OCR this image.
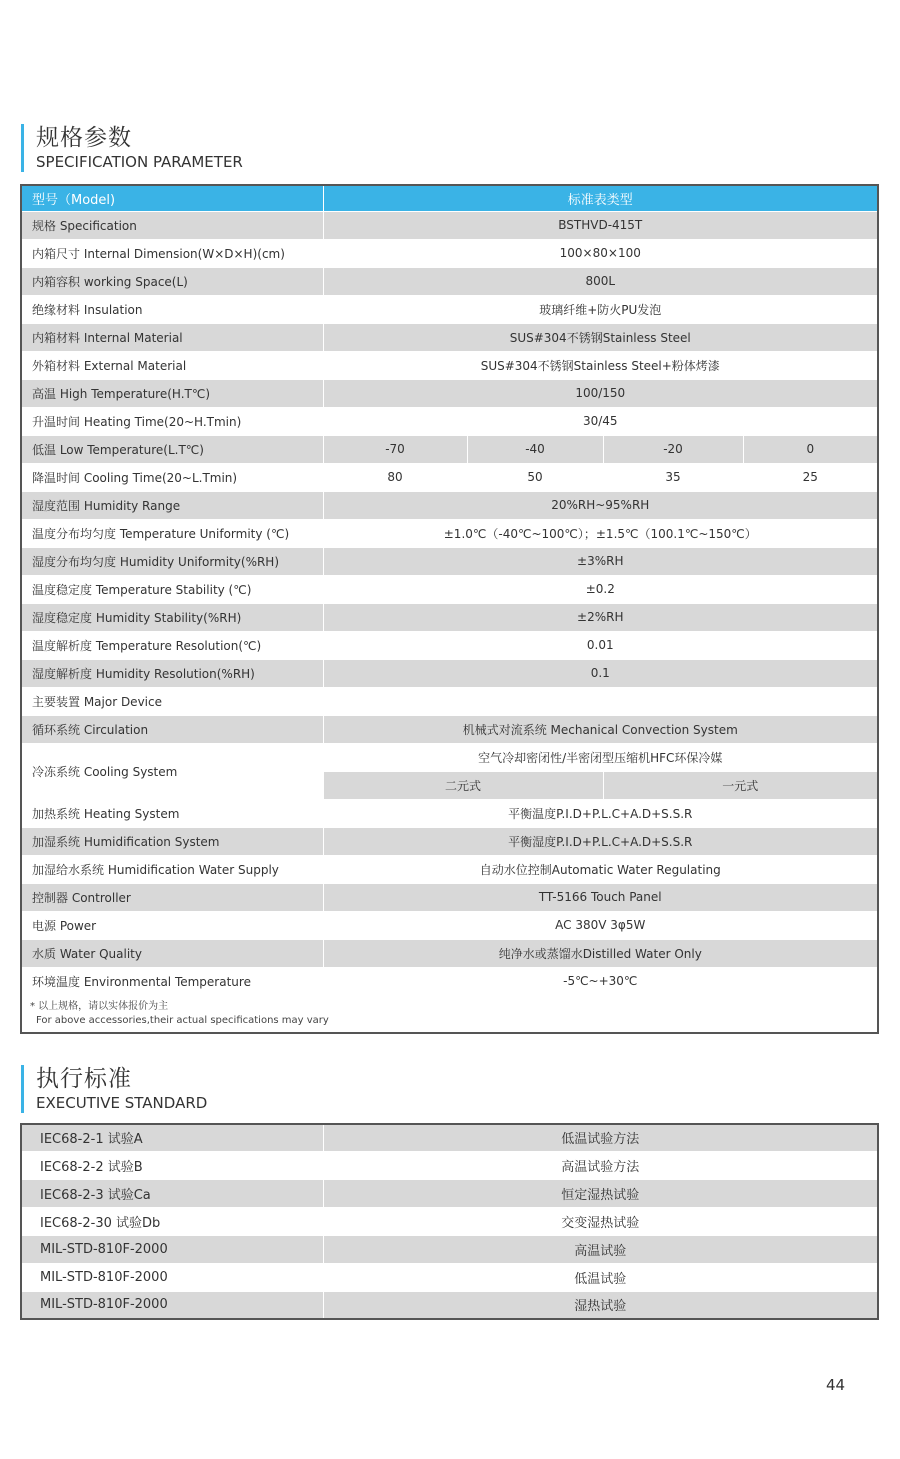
规格参数
SPECIFICATION PARAMETER
型号（Model)	标准表类型			
规格 Specification	BSTHVD-415T			
内箱尺寸 Internal Dimension(W×D×H)(cm)	100×80×100			
内箱容积 working Space(L)	800L			
绝缘材料 Insulation	玻璃纤维+防火PU发泡			
内箱材料 Internal Material	SUS#304不锈钢Stainless Steel			
外箱材料 External Material	SUS#304不锈钢Stainless Steel+粉体烤漆			
高温 High Temperature(H.T℃)	100/150			
升温时间 Heating Time(20~H.Tmin)	30/45			
低温 Low Temperature(L.T℃)	-70	-40	-20	0
降温时间 Cooling Time(20~L.Tmin)	80	50	35	25
湿度范围 Humidity Range	20%RH~95%RH			
温度分布均匀度 Temperature Uniformity (℃)	±1.0℃（-40℃~100℃）；±1.5℃（100.1℃~150℃）			
湿度分布均匀度 Humidity Uniformity(%RH)	±3%RH			
温度稳定度 Temperature Stability (℃)	±0.2			
湿度稳定度 Humidity Stability(%RH)	±2%RH			
温度解析度 Temperature Resolution(℃)	0.01			
湿度解析度 Humidity Resolution(%RH)	0.1			
主要装置 Major Device				
循环系统 Circulation	机械式对流系统 Mechanical Convection System			
冷冻系统 Cooling System	空气冷却密闭性/半密闭型压缩机HFC环保冷媒			
	二元式		一元式	
加热系统 Heating System	平衡温度P.I.D+P.L.C+A.D+S.S.R			
加湿系统 Humidification System	平衡湿度P.I.D+P.L.C+A.D+S.S.R			
加湿给水系统 Humidification Water Supply	自动水位控制Automatic Water Regulating			
控制器 Controller	TT-5166 Touch Panel			
电源 Power	AC 380V 3φ5W			
水质 Water Quality	纯净水或蒸馏水Distilled Water Only			
环境温度 Environmental Temperature	-5℃~+30℃			

* 以上规格，请以实体报价为主
For above accessories,their actual specifications may vary				
执行标准
EXECUTIVE STANDARD
IEC68-2-1 试验A	低温试验方法
IEC68-2-2 试验B	高温试验方法
IEC68-2-3 试验Ca	恒定湿热试验
IEC68-2-30 试验Db	交变湿热试验
MIL-STD-810F-2000	高温试验
MIL-STD-810F-2000	低温试验
MIL-STD-810F-2000	湿热试验
44
